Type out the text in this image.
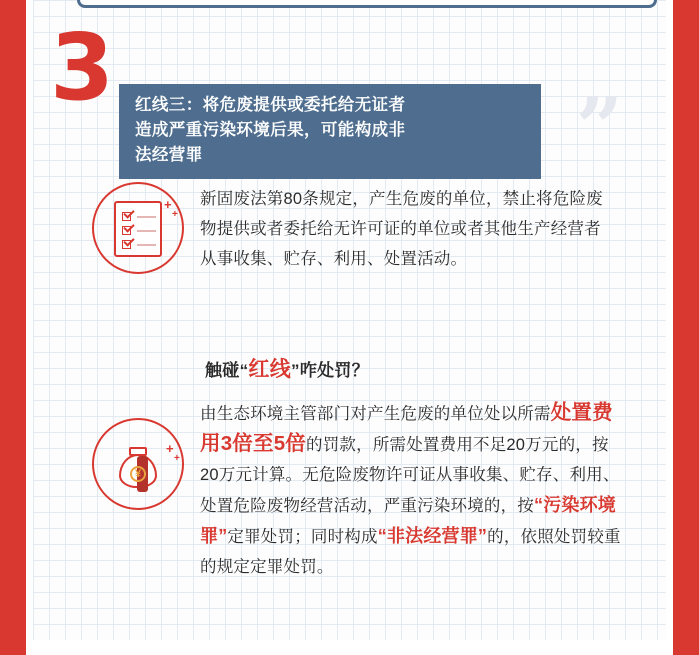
3
”
红线三：将危废提供或委托给无证者
造成严重污染环境后果，可能构成非
法经营罪
+
+
新固废法第80条规定，产生危废的单位，禁止将危险废物提供或者委托给无许可证的单位或者其他生产经营者从事收集、贮存、利用、处置活动。
触碰“红线”咋处罚？
¥
+
+
由生态环境主管部门对产生危废的单位处以所需处置费用3倍至5倍的罚款，所需处置费用不足20万元的，按20万元计算。无危险废物许可证从事收集、贮存、利用、处置危险废物经营活动，严重污染环境的，按“污染环境罪”定罪处罚；同时构成“非法经营罪”的，依照处罚较重的规定定罪处罚。
